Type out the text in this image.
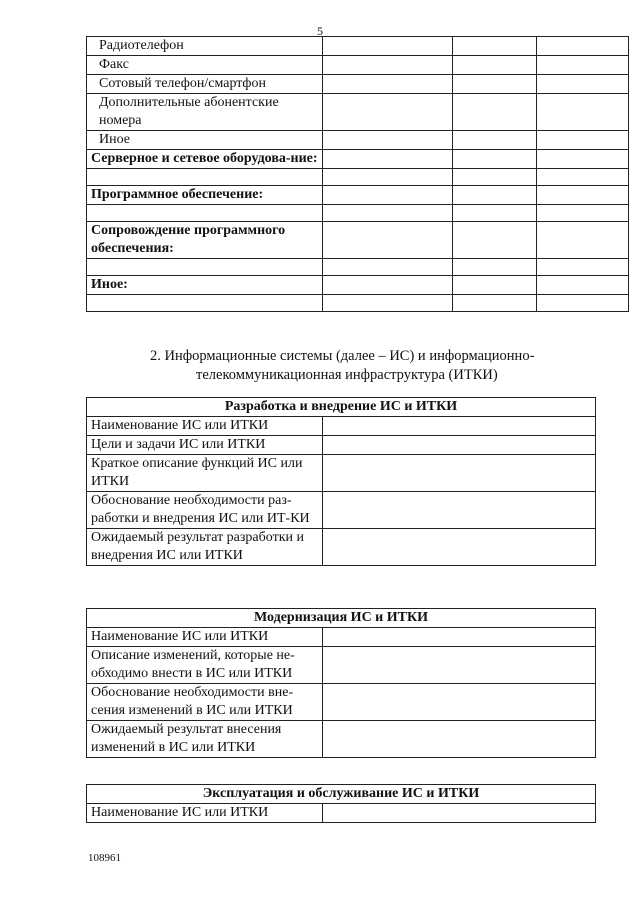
5
Радиотелефон			
Факс			
Сотовый телефон/смартфон			
Дополнительные абонентские номера			
Иное			
Серверное и сетевое оборудова-ние:			

Программное обеспечение:			

Сопровождение программного обеспечения:			

Иное:			

2. Информационные системы (далее – ИС) и информационно-
телекоммуникационная инфраструктура (ИТКИ)
Разработка и внедрение ИС и ИТКИ	
Наименование ИС или ИТКИ	
Цели и задачи ИС или ИТКИ	
Краткое описание функций ИС или ИТКИ	
Обоснование необходимости раз-работки и внедрения ИС или ИТ-КИ	
Ожидаемый результат разработки и внедрения ИС или ИТКИ	
Модернизация ИС и ИТКИ	
Наименование ИС или ИТКИ	
Описание изменений, которые не-обходимо внести в ИС или ИТКИ	
Обоснование необходимости вне-сения изменений в ИС или ИТКИ	
Ожидаемый результат внесения изменений в ИС или ИТКИ	
Эксплуатация и обслуживание ИС и ИТКИ
Наименование ИС или ИТКИ	
108961
